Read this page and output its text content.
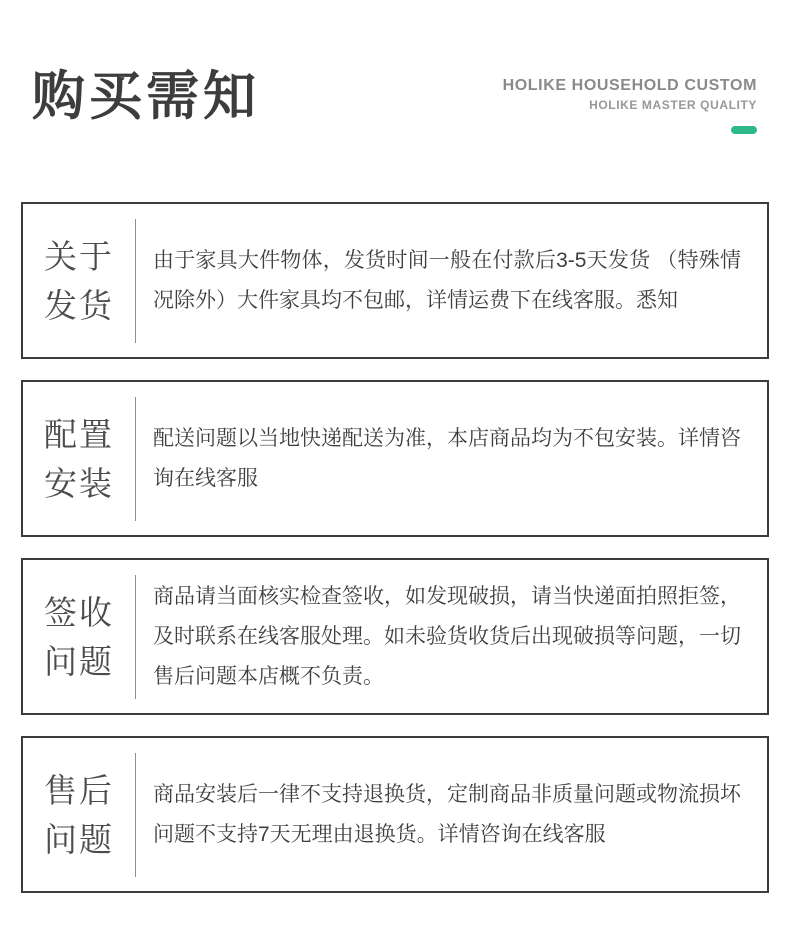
购买需知	HOLIKE HOUSEHOLD CUSTOM
HOLIKE MASTER QUALITY
关于
发货
由于家具大件物体，发货时间一般在付款后3-5天发货 （特殊情况除外）大件家具均不包邮，详情运费下在线客服。悉知
配置
安装
配送问题以当地快递配送为准，本店商品均为不包安装。详情咨询在线客服
签收
问题
商品请当面核实检查签收，如发现破损，请当快递面拍照拒签，及时联系在线客服处理。如未验货收货后出现破损等问题，一切售后问题本店概不负责。
售后
问题
商品安装后一律不支持退换货，定制商品非质量问题或物流损坏问题不支持7天无理由退换货。详情咨询在线客服
